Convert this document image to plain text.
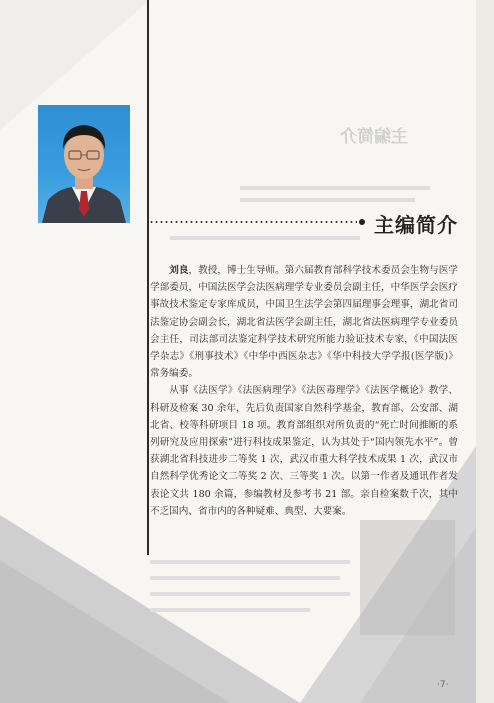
主编简介
主编简介

刘良，教授，博士生导师。第六届教育部科学技术委员会生物与医学学部委员，中国法医学会法医病理学专业委员会副主任，中华医学会医疗事故技术鉴定专家库成员，中国卫生法学会第四届理事会理事，湖北省司法鉴定协会副会长，湖北省法医学会副主任，湖北省法医病理学专业委员会主任，司法部司法鉴定科学技术研究所能力验证技术专家，《中国法医学杂志》《刑事技术》《中华中西医杂志》《华中科技大学学报(医学版)》常务编委。

从事《法医学》《法医病理学》《法医毒理学》《法医学概论》教学、科研及检案 30 余年，先后负责国家自然科学基金，教育部、公安部、湖北省、校等科研项目 18 项。教育部组织对所负责的“死亡时间推断的系列研究及应用探索”进行科技成果鉴定，认为其处于“国内领先水平”。曾获湖北省科技进步二等奖 1 次，武汉市重大科学技术成果 1 次，武汉市自然科学优秀论文二等奖 2 次、三等奖 1 次。以第一作者及通讯作者发表论文共 180 余篇，参编教材及参考书 21 部。亲自检案数千次，其中不乏国内、省市内的各种疑难、典型、大要案。

·7·
